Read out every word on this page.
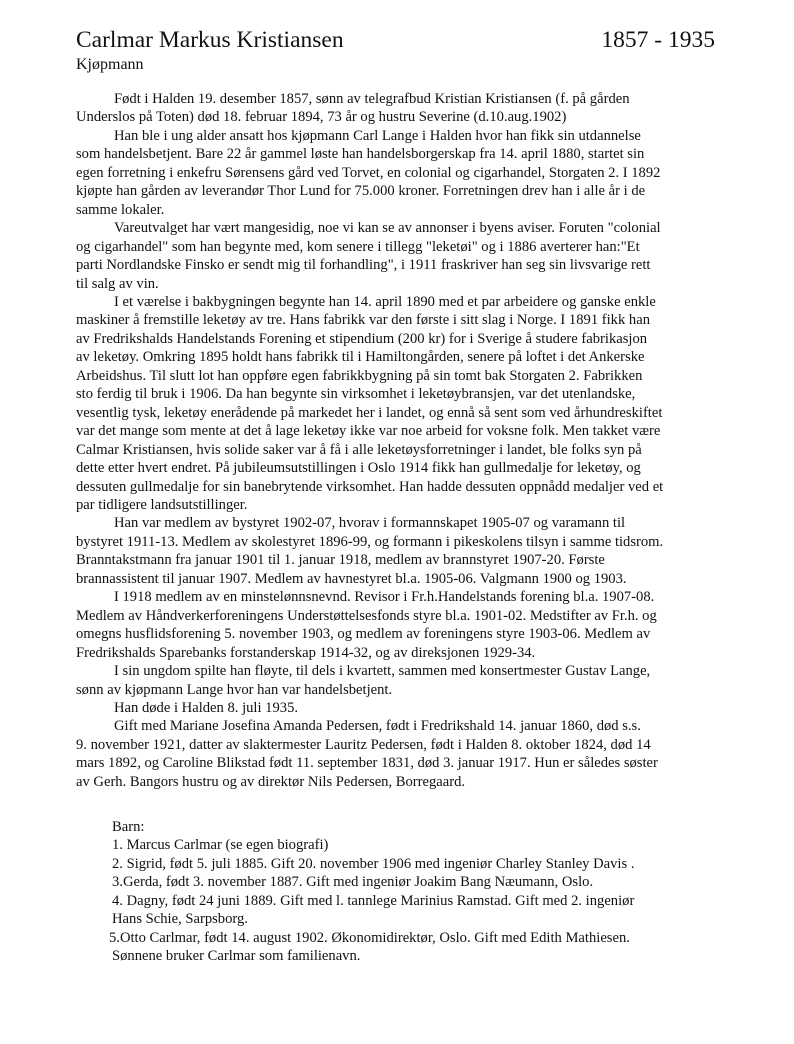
Carlmar Markus Kristiansen	1857 - 1935
Kjøpmann
Født i Halden 19. desember 1857, sønn av telegrafbud Kristian Kristiansen (f. på gården
Underslos på Toten) død 18. februar 1894, 73 år og hustru Severine (d.10.aug.1902)
Han ble i ung alder ansatt hos kjøpmann Carl Lange i Halden hvor han fikk sin utdannelse
som handelsbetjent. Bare 22 år gammel løste han handelsborgerskap fra 14. april 1880, startet sin
egen forretning i enkefru Sørensens gård ved Torvet, en colonial og cigarhandel, Storgaten 2. I 1892
kjøpte han gården av leverandør Thor Lund for 75.000 kroner. Forretningen drev han i alle år i de
samme lokaler.
Vareutvalget har vært mangesidig, noe vi kan se av annonser i byens aviser. Foruten "colonial
og cigarhandel" som han begynte med, kom senere i tillegg "leketøi" og i 1886 averterer han:"Et
parti Nordlandske Finsko er sendt mig til forhandling", i 1911 fraskriver han seg sin livsvarige rett
til salg av vin.
I et værelse i bakbygningen begynte han 14. april 1890 med et par arbeidere og ganske enkle
maskiner å fremstille leketøy av tre. Hans fabrikk var den første i sitt slag i Norge. I 1891 fikk han
av Fredrikshalds Handelstands Forening et stipendium (200 kr) for i Sverige å studere fabrikasjon
av leketøy. Omkring 1895 holdt hans fabrikk til i Hamiltongården, senere på loftet i det Ankerske
Arbeidshus. Til slutt lot han oppføre egen fabrikkbygning på sin tomt bak Storgaten 2. Fabrikken
sto ferdig til bruk i 1906. Da han begynte sin virksomhet i leketøybransjen, var det utenlandske,
vesentlig tysk, leketøy enerådende på markedet her i landet, og ennå så sent som ved århundreskiftet
var det mange som mente at det å lage leketøy ikke var noe arbeid for voksne folk. Men takket være
Calmar Kristiansen, hvis solide saker var å få i alle leketøysforretninger i landet, ble folks syn på
dette etter hvert endret. På jubileumsutstillingen i Oslo 1914 fikk han gullmedalje for leketøy, og
dessuten gullmedalje for sin banebrytende virksomhet. Han hadde dessuten oppnådd medaljer ved et
par tidligere landsutstillinger.
Han var medlem av bystyret 1902-07, hvorav i formannskapet 1905-07 og varamann til
bystyret 1911-13. Medlem av skolestyret 1896-99, og formann i pikeskolens tilsyn i samme tidsrom.
Branntakstmann fra januar 1901 til 1. januar 1918, medlem av brannstyret 1907-20. Første
brannassistent til januar 1907. Medlem av havnestyret bl.a. 1905-06. Valgmann 1900 og 1903.
I 1918 medlem av en minstelønnsnevnd. Revisor i Fr.h.Handelstands forening bl.a. 1907-08.
Medlem av Håndverkerforeningens Understøttelsesfonds styre bl.a. 1901-02. Medstifter av Fr.h. og
omegns husflidsforening 5. november 1903, og medlem av foreningens styre 1903-06. Medlem av
Fredrikshalds Sparebanks forstanderskap 1914-32, og av direksjonen 1929-34.
I sin ungdom spilte han fløyte, til dels i kvartett, sammen med konsertmester Gustav Lange,
sønn av kjøpmann Lange hvor han var handelsbetjent.
Han døde i Halden 8. juli 1935.
Gift med Mariane Josefina Amanda Pedersen, født i Fredrikshald 14. januar 1860, død s.s.
9. november 1921, datter av slaktermester Lauritz Pedersen, født i Halden 8. oktober 1824, død 14
mars 1892, og Caroline Blikstad født 11. september 1831, død 3. januar 1917. Hun er således søster
av Gerh. Bangors hustru og av direktør Nils Pedersen, Borregaard.
Barn:
1. Marcus Carlmar (se egen biografi)
2. Sigrid, født 5. juli 1885. Gift 20. november 1906 med ingeniør Charley Stanley Davis .
3.Gerda, født 3. november 1887. Gift med ingeniør Joakim Bang Næumann, Oslo.
4. Dagny, født 24 juni 1889. Gift med l. tannlege Marinius Ramstad. Gift med 2. ingeniør
Hans Schie, Sarpsborg.
5.Otto Carlmar, født 14. august 1902. Økonomidirektør, Oslo. Gift med Edith Mathiesen.
Sønnene bruker Carlmar som familienavn.
